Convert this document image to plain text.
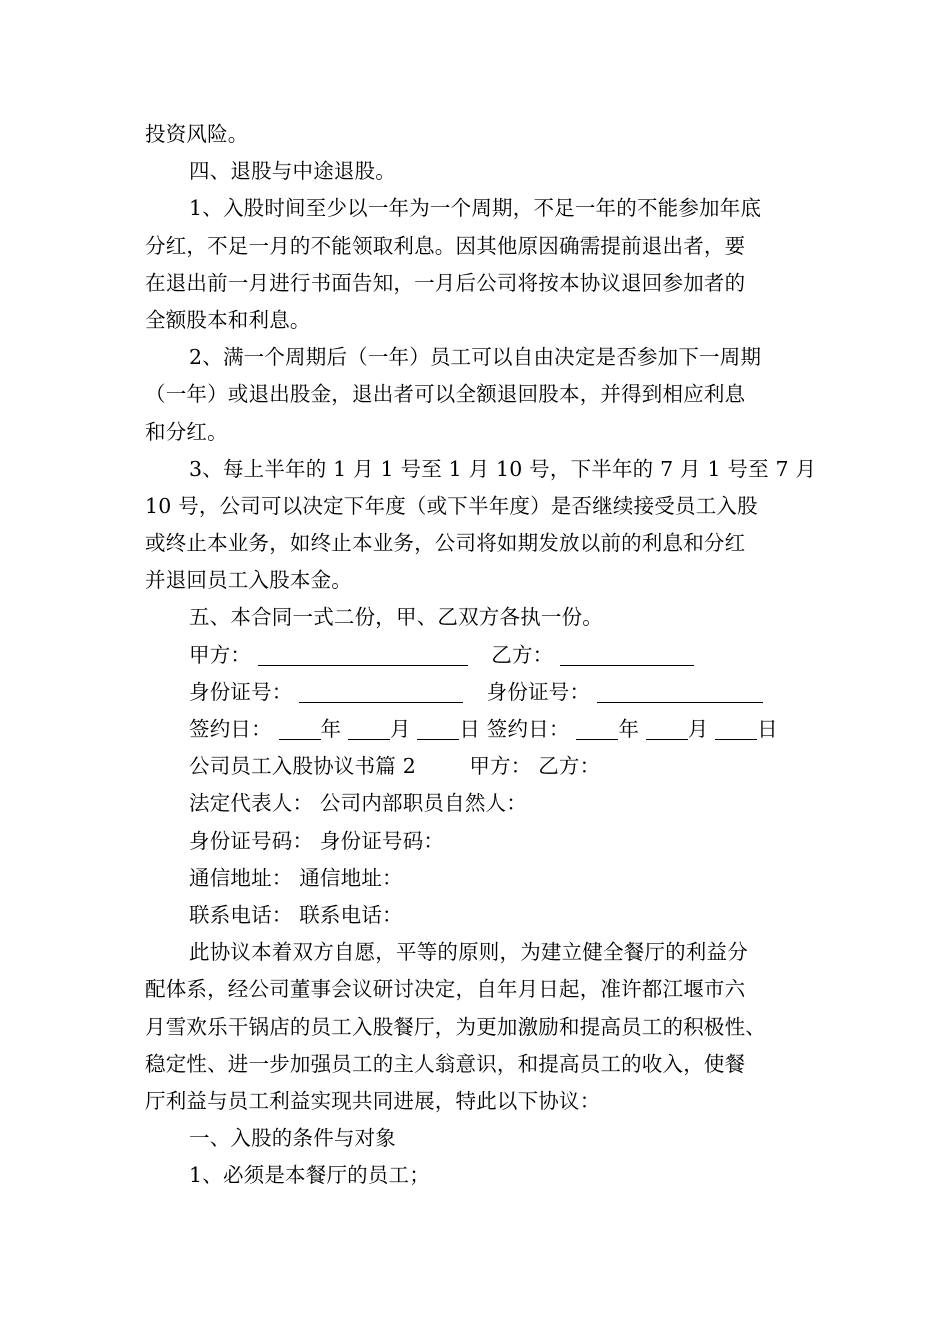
投资风险。
四、退股与中途退股。
1、入股时间至少以一年为一个周期，不足一年的不能参加年底
分红，不足一月的不能领取利息。因其他原因确需提前退出者，要
在退出前一月进行书面告知，一月后公司将按本协议退回参加者的
全额股本和利息。
2、满一个周期后（一年）员工可以自由决定是否参加下一周期
（一年）或退出股金，退出者可以全额退回股本，并得到相应利息
和分红。
3、每上半年的 1 月 1 号至 1 月 10 号，下半年的 7 月 1 号至 7 月
10 号，公司可以决定下年度（或下半年度）是否继续接受员工入股
或终止本业务，如终止本业务，公司将如期发放以前的利息和分红
并退回员工入股本金。
五、本合同一式二份，甲、乙双方各执一份。
甲方：	乙方：
身份证号：	身份证号：
签约日： 年 月 日 签约日： 年 月 日
公司员工入股协议书篇 2	甲方： 乙方：
法定代表人： 公司内部职员自然人：
身份证号码： 身份证号码：
通信地址： 通信地址：
联系电话： 联系电话：
此协议本着双方自愿，平等的原则，为建立健全餐厅的利益分
配体系，经公司董事会议研讨决定，自年月日起，准许都江堰市六
月雪欢乐干锅店的员工入股餐厅，为更加激励和提高员工的积极性、
稳定性、进一步加强员工的主人翁意识，和提高员工的收入，使餐
厅利益与员工利益实现共同进展，特此以下协议：
一、入股的条件与对象
1、必须是本餐厅的员工；
